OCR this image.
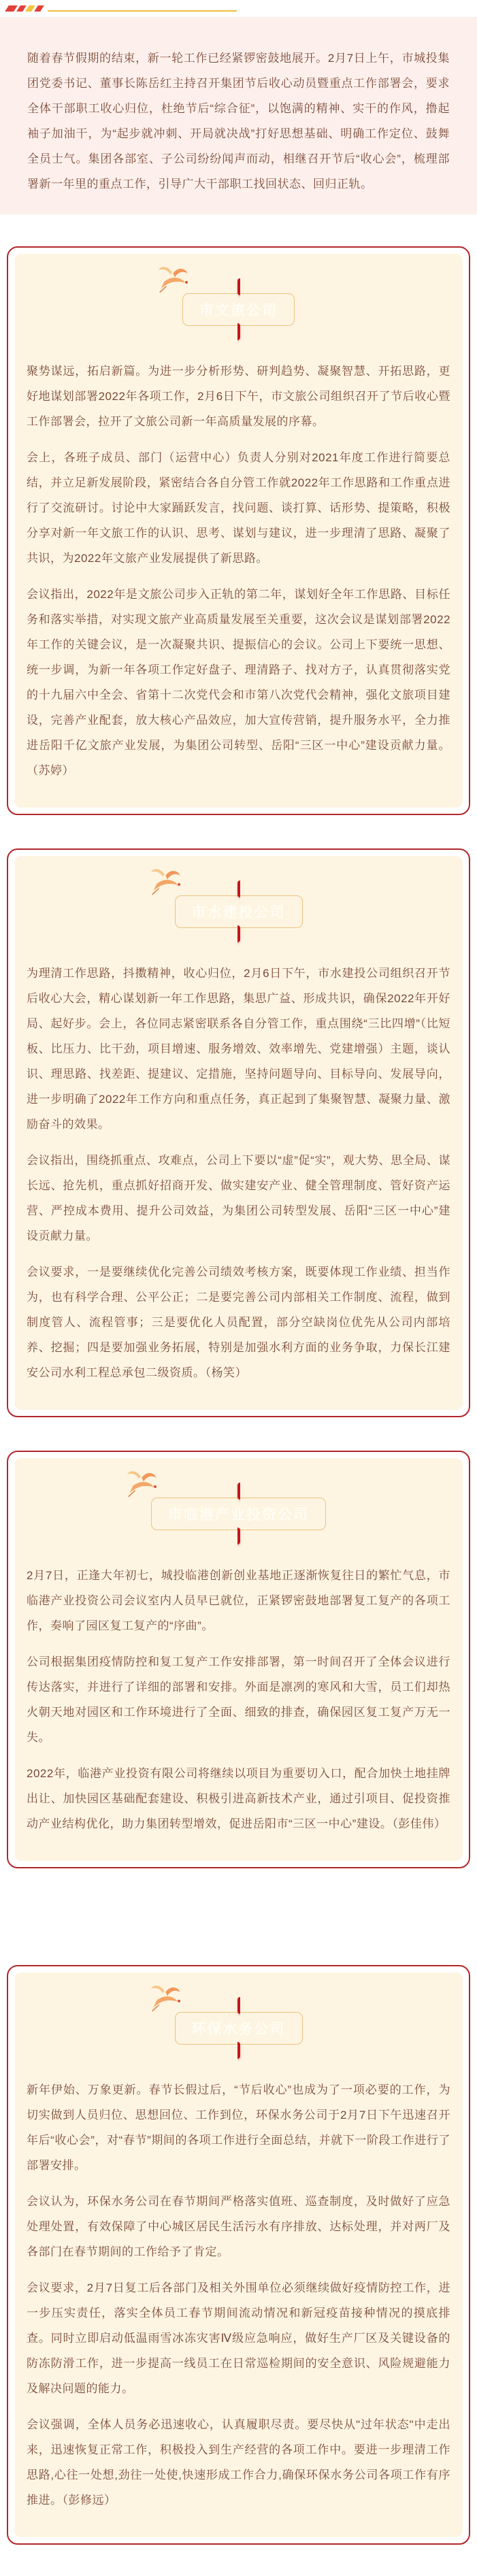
随着春节假期的结束，新一轮工作已经紧锣密鼓地展开。2月7日上午，市城投集团党委书记、董事长陈岳红主持召开集团节后收心动员暨重点工作部署会，要求全体干部职工收心归位，杜绝节后“综合征”，以饱满的精神、实干的作风，撸起袖子加油干，为“起步就冲刺、开局就决战”打好思想基础、明确工作定位、鼓舞全员士气。集团各部室、子公司纷纷闻声而动，相继召开节后“收心会”，梳理部署新一年里的重点工作，引导广大干部职工找回状态、回归正轨。

市文旅公司

聚势谋远，拓启新篇。为进一步分析形势、研判趋势、凝聚智慧、开拓思路，更好地谋划部署2022年各项工作，2月6日下午，市文旅公司组织召开了节后收心暨工作部署会，拉开了文旅公司新一年高质量发展的序幕。

会上，各班子成员、部门（运营中心）负责人分别对2021年度工作进行简要总结，并立足新发展阶段，紧密结合各自分管工作就2022年工作思路和工作重点进行了交流研讨。讨论中大家踊跃发言，找问题、谈打算、话形势、提策略，积极分享对新一年文旅工作的认识、思考、谋划与建议，进一步理清了思路、凝聚了共识，为2022年文旅产业发展提供了新思路。

会议指出，2022年是文旅公司步入正轨的第二年，谋划好全年工作思路、目标任务和落实举措，对实现文旅产业高质量发展至关重要，这次会议是谋划部署2022年工作的关键会议，是一次凝聚共识、提振信心的会议。公司上下要统一思想、统一步调，为新一年各项工作定好盘子、理清路子、找对方子，认真贯彻落实党的十九届六中全会、省第十二次党代会和市第八次党代会精神，强化文旅项目建设，完善产业配套，放大核心产品效应，加大宣传营销，提升服务水平，全力推进岳阳千亿文旅产业发展，为集团公司转型、岳阳“三区一中心”建设贡献力量。（苏婷）

市水建投公司

为理清工作思路，抖擞精神，收心归位，2月6日下午，市水建投公司组织召开节后收心大会，精心谋划新一年工作思路，集思广益、形成共识，确保2022年开好局、起好步。会上，各位同志紧密联系各自分管工作，重点围绕“三比四增”（比短板、比压力、比干劲，项目增速、服务增效、效率增先、党建增强）主题，谈认识、理思路、找差距、提建议、定措施，坚持问题导向、目标导向、发展导向，进一步明确了2022年工作方向和重点任务，真正起到了集聚智慧、凝聚力量、激励奋斗的效果。

会议指出，围绕抓重点、攻难点，公司上下要以“虚”促“实”，观大势、思全局、谋长远、抢先机，重点抓好招商开发、做实建安产业、健全管理制度、管好资产运营、严控成本费用、提升公司效益，为集团公司转型发展、岳阳“三区一中心”建设贡献力量。

会议要求，一是要继续优化完善公司绩效考核方案，既要体现工作业绩、担当作为，也有科学合理、公平公正；二是要完善公司内部相关工作制度、流程，做到制度管人、流程管事；三是要优化人员配置，部分空缺岗位优先从公司内部培养、挖掘；四是要加强业务拓展，特别是加强水利方面的业务争取，力保长江建安公司水利工程总承包二级资质。（杨笑）

市临港产业投资公司

2月7日，正逢大年初七，城投临港创新创业基地正逐渐恢复往日的繁忙气息，市临港产业投资公司会议室内人员早已就位，正紧锣密鼓地部署复工复产的各项工作，奏响了园区复工复产的“序曲”。

公司根据集团疫情防控和复工复产工作安排部署，第一时间召开了全体会议进行传达落实，并进行了详细的部署和安排。外面是凛冽的寒风和大雪，员工们却热火朝天地对园区和工作环境进行了全面、细致的排查，确保园区复工复产万无一失。

2022年，临港产业投资有限公司将继续以项目为重要切入口，配合加快土地挂牌出让、加快园区基础配套建设、积极引进高新技术产业，通过引项目、促投资推动产业结构优化，助力集团转型增效，促进岳阳市“三区一中心”建设。（彭佳伟）

环保水务公司

新年伊始、万象更新。春节长假过后，“节后收心”也成为了一项必要的工作，为切实做到人员归位、思想回位、工作到位，环保水务公司于2月7日下午迅速召开年后“收心会”，对“春节”期间的各项工作进行全面总结，并就下一阶段工作进行了部署安排。

会议认为，环保水务公司在春节期间严格落实值班、巡查制度，及时做好了应急处理处置，有效保障了中心城区居民生活污水有序排放、达标处理，并对两厂及各部门在春节期间的工作给予了肯定。

会议要求，2月7日复工后各部门及相关外围单位必须继续做好疫情防控工作，进一步压实责任，落实全体员工春节期间流动情况和新冠疫苗接种情况的摸底排查。同时立即启动低温雨雪冰冻灾害Ⅳ级应急响应，做好生产厂区及关键设备的防冻防滑工作，进一步提高一线员工在日常巡检期间的安全意识、风险规避能力及解决问题的能力。

会议强调，全体人员务必迅速收心，认真履职尽责。要尽快从"过年状态"中走出来，迅速恢复正常工作，积极投入到生产经营的各项工作中。要进一步理清工作思路,心往一处想,劲往一处使,快速形成工作合力,确保环保水务公司各项工作有序推进。（彭修远）
